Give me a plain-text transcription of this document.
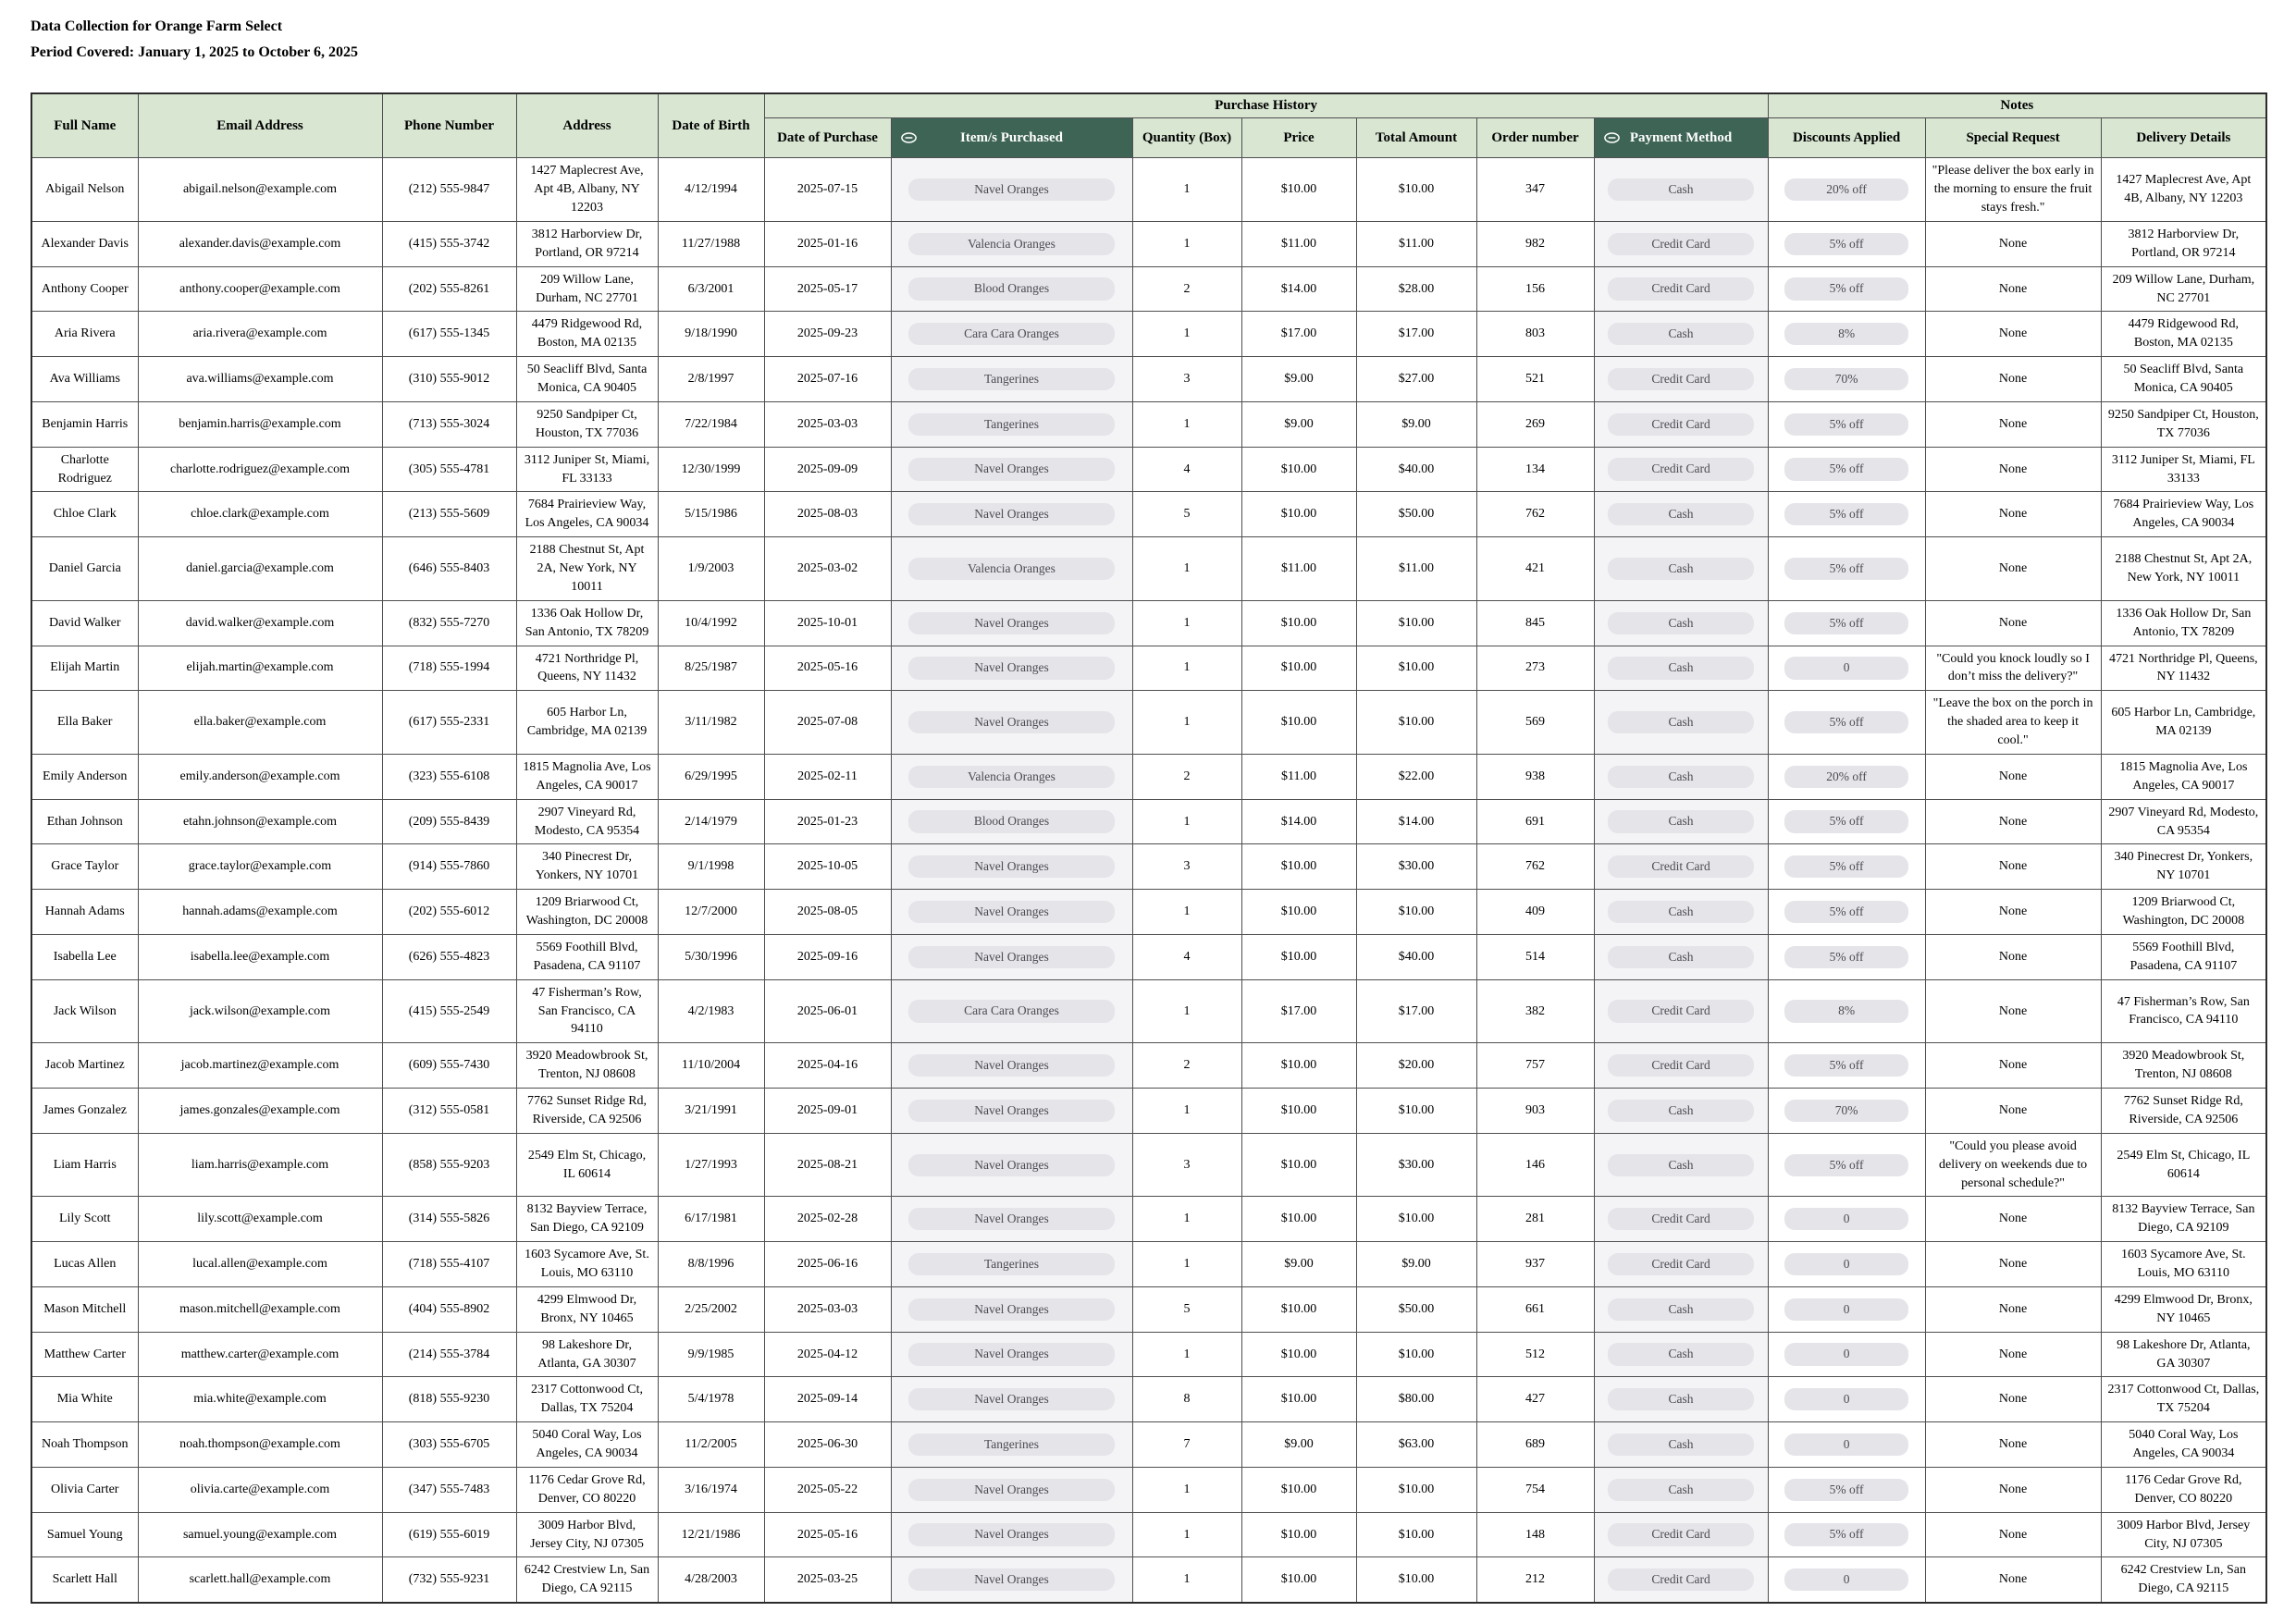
Data Collection for Orange Farm Select

Period Covered: January 1, 2025 to October 6, 2025

Full Name	Email Address	Phone Number	Address	Date of Birth	Purchase History							Notes		
					Date of Purchase	Item/s Purchased	Quantity (Box)	Price	Total Amount	Order number	Payment Method	Discounts Applied	Special Request	Delivery Details
Abigail Nelson	abigail.nelson@example.com	(212) 555-9847	1427 Maplecrest Ave, Apt 4B, Albany, NY 12203	4/12/1994	2025-07-15	Navel Oranges	1	$10.00	$10.00	347	Cash	20% off	"Please deliver the box early in the morning to ensure the fruit stays fresh."	1427 Maplecrest Ave, Apt 4B, Albany, NY 12203
Alexander Davis	alexander.davis@example.com	(415) 555-3742	3812 Harborview Dr, Portland, OR 97214	11/27/1988	2025-01-16	Valencia Oranges	1	$11.00	$11.00	982	Credit Card	5% off	None	3812 Harborview Dr, Portland, OR 97214
Anthony Cooper	anthony.cooper@example.com	(202) 555-8261	209 Willow Lane, Durham, NC 27701	6/3/2001	2025-05-17	Blood Oranges	2	$14.00	$28.00	156	Credit Card	5% off	None	209 Willow Lane, Durham, NC 27701
Aria Rivera	aria.rivera@example.com	(617) 555-1345	4479 Ridgewood Rd, Boston, MA 02135	9/18/1990	2025-09-23	Cara Cara Oranges	1	$17.00	$17.00	803	Cash	8%	None	4479 Ridgewood Rd, Boston, MA 02135
Ava Williams	ava.williams@example.com	(310) 555-9012	50 Seacliff Blvd, Santa Monica, CA 90405	2/8/1997	2025-07-16	Tangerines	3	$9.00	$27.00	521	Credit Card	70%	None	50 Seacliff Blvd, Santa Monica, CA 90405
Benjamin Harris	benjamin.harris@example.com	(713) 555-3024	9250 Sandpiper Ct, Houston, TX 77036	7/22/1984	2025-03-03	Tangerines	1	$9.00	$9.00	269	Credit Card	5% off	None	9250 Sandpiper Ct, Houston, TX 77036
Charlotte Rodriguez	charlotte.rodriguez@example.com	(305) 555-4781	3112 Juniper St, Miami, FL 33133	12/30/1999	2025-09-09	Navel Oranges	4	$10.00	$40.00	134	Credit Card	5% off	None	3112 Juniper St, Miami, FL 33133
Chloe Clark	chloe.clark@example.com	(213) 555-5609	7684 Prairieview Way, Los Angeles, CA 90034	5/15/1986	2025-08-03	Navel Oranges	5	$10.00	$50.00	762	Cash	5% off	None	7684 Prairieview Way, Los Angeles, CA 90034
Daniel Garcia	daniel.garcia@example.com	(646) 555-8403	2188 Chestnut St, Apt 2A, New York, NY 10011	1/9/2003	2025-03-02	Valencia Oranges	1	$11.00	$11.00	421	Cash	5% off	None	2188 Chestnut St, Apt 2A, New York, NY 10011
David Walker	david.walker@example.com	(832) 555-7270	1336 Oak Hollow Dr, San Antonio, TX 78209	10/4/1992	2025-10-01	Navel Oranges	1	$10.00	$10.00	845	Cash	5% off	None	1336 Oak Hollow Dr, San Antonio, TX 78209
Elijah Martin	elijah.martin@example.com	(718) 555-1994	4721 Northridge Pl, Queens, NY 11432	8/25/1987	2025-05-16	Navel Oranges	1	$10.00	$10.00	273	Cash	0	"Could you knock loudly so I don’t miss the delivery?"	4721 Northridge Pl, Queens, NY 11432
Ella Baker	ella.baker@example.com	(617) 555-2331	605 Harbor Ln, Cambridge, MA 02139	3/11/1982	2025-07-08	Navel Oranges	1	$10.00	$10.00	569	Cash	5% off	"Leave the box on the porch in the shaded area to keep it cool."	605 Harbor Ln, Cambridge, MA 02139
Emily Anderson	emily.anderson@example.com	(323) 555-6108	1815 Magnolia Ave, Los Angeles, CA 90017	6/29/1995	2025-02-11	Valencia Oranges	2	$11.00	$22.00	938	Cash	20% off	None	1815 Magnolia Ave, Los Angeles, CA 90017
Ethan Johnson	etahn.johnson@example.com	(209) 555-8439	2907 Vineyard Rd, Modesto, CA 95354	2/14/1979	2025-01-23	Blood Oranges	1	$14.00	$14.00	691	Cash	5% off	None	2907 Vineyard Rd, Modesto, CA 95354
Grace Taylor	grace.taylor@example.com	(914) 555-7860	340 Pinecrest Dr, Yonkers, NY 10701	9/1/1998	2025-10-05	Navel Oranges	3	$10.00	$30.00	762	Credit Card	5% off	None	340 Pinecrest Dr, Yonkers, NY 10701
Hannah Adams	hannah.adams@example.com	(202) 555-6012	1209 Briarwood Ct, Washington, DC 20008	12/7/2000	2025-08-05	Navel Oranges	1	$10.00	$10.00	409	Cash	5% off	None	1209 Briarwood Ct, Washington, DC 20008
Isabella Lee	isabella.lee@example.com	(626) 555-4823	5569 Foothill Blvd, Pasadena, CA 91107	5/30/1996	2025-09-16	Navel Oranges	4	$10.00	$40.00	514	Cash	5% off	None	5569 Foothill Blvd, Pasadena, CA 91107
Jack Wilson	jack.wilson@example.com	(415) 555-2549	47 Fisherman’s Row, San Francisco, CA 94110	4/2/1983	2025-06-01	Cara Cara Oranges	1	$17.00	$17.00	382	Credit Card	8%	None	47 Fisherman’s Row, San Francisco, CA 94110
Jacob Martinez	jacob.martinez@example.com	(609) 555-7430	3920 Meadowbrook St, Trenton, NJ 08608	11/10/2004	2025-04-16	Navel Oranges	2	$10.00	$20.00	757	Credit Card	5% off	None	3920 Meadowbrook St, Trenton, NJ 08608
James Gonzalez	james.gonzales@example.com	(312) 555-0581	7762 Sunset Ridge Rd, Riverside, CA 92506	3/21/1991	2025-09-01	Navel Oranges	1	$10.00	$10.00	903	Cash	70%	None	7762 Sunset Ridge Rd, Riverside, CA 92506
Liam Harris	liam.harris@example.com	(858) 555-9203	2549 Elm St, Chicago, IL 60614	1/27/1993	2025-08-21	Navel Oranges	3	$10.00	$30.00	146	Cash	5% off	"Could you please avoid delivery on weekends due to personal schedule?"	2549 Elm St, Chicago, IL 60614
Lily Scott	lily.scott@example.com	(314) 555-5826	8132 Bayview Terrace, San Diego, CA 92109	6/17/1981	2025-02-28	Navel Oranges	1	$10.00	$10.00	281	Credit Card	0	None	8132 Bayview Terrace, San Diego, CA 92109
Lucas Allen	lucal.allen@example.com	(718) 555-4107	1603 Sycamore Ave, St. Louis, MO 63110	8/8/1996	2025-06-16	Tangerines	1	$9.00	$9.00	937	Credit Card	0	None	1603 Sycamore Ave, St. Louis, MO 63110
Mason Mitchell	mason.mitchell@example.com	(404) 555-8902	4299 Elmwood Dr, Bronx, NY 10465	2/25/2002	2025-03-03	Navel Oranges	5	$10.00	$50.00	661	Cash	0	None	4299 Elmwood Dr, Bronx, NY 10465
Matthew Carter	matthew.carter@example.com	(214) 555-3784	98 Lakeshore Dr, Atlanta, GA 30307	9/9/1985	2025-04-12	Navel Oranges	1	$10.00	$10.00	512	Cash	0	None	98 Lakeshore Dr, Atlanta, GA 30307
Mia White	mia.white@example.com	(818) 555-9230	2317 Cottonwood Ct, Dallas, TX 75204	5/4/1978	2025-09-14	Navel Oranges	8	$10.00	$80.00	427	Cash	0	None	2317 Cottonwood Ct, Dallas, TX 75204
Noah Thompson	noah.thompson@example.com	(303) 555-6705	5040 Coral Way, Los Angeles, CA 90034	11/2/2005	2025-06-30	Tangerines	7	$9.00	$63.00	689	Cash	0	None	5040 Coral Way, Los Angeles, CA 90034
Olivia Carter	olivia.carte@example.com	(347) 555-7483	1176 Cedar Grove Rd, Denver, CO 80220	3/16/1974	2025-05-22	Navel Oranges	1	$10.00	$10.00	754	Cash	5% off	None	1176 Cedar Grove Rd, Denver, CO 80220
Samuel Young	samuel.young@example.com	(619) 555-6019	3009 Harbor Blvd, Jersey City, NJ 07305	12/21/1986	2025-05-16	Navel Oranges	1	$10.00	$10.00	148	Credit Card	5% off	None	3009 Harbor Blvd, Jersey City, NJ 07305
Scarlett Hall	scarlett.hall@example.com	(732) 555-9231	6242 Crestview Ln, San Diego, CA 92115	4/28/2003	2025-03-25	Navel Oranges	1	$10.00	$10.00	212	Credit Card	0	None	6242 Crestview Ln, San Diego, CA 92115
